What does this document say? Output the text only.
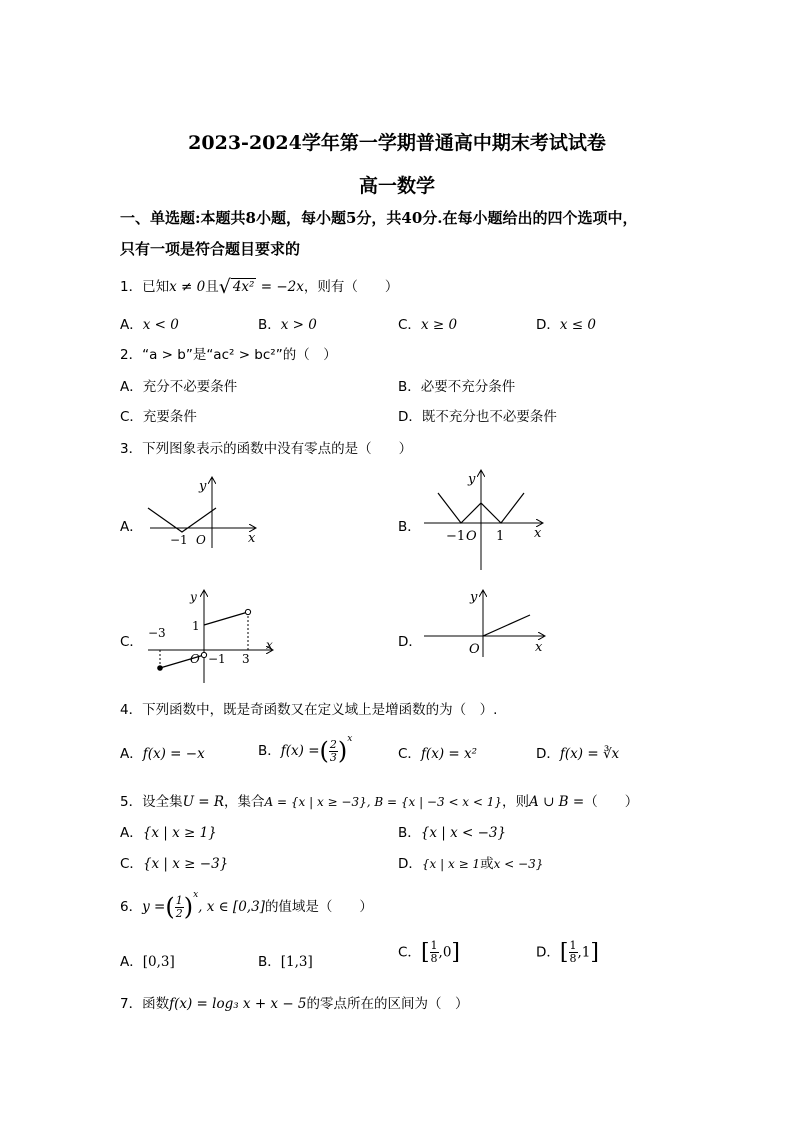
2023-2024学年第一学期普通高中期末考试试卷
高一数学
一、单选题:本题共8小题，每小题5分，共40分.在每小题给出的四个选项中，
只有一项是符合题目要求的
1．已知x ≠ 0且√ 4x² = −2x，则有（　　）
A．x < 0	B．x > 0	C．x ≥ 0	D．x ≤ 0
2．“a > b”是“ac² > bc²”的（　）
A．充分不必要条件	B．必要不充分条件
C．充要条件	D．既不充分也不必要条件
3．下列图象表示的函数中没有零点的是（　　）
A．	B．
C．	D．
y
x
O
−1
y
x
O
−1 1
y
x
O
−3 1
3
−1
y
x
O
4．下列函数中，既是奇函数又在定义域上是增函数的为（　）.
A．f(x) = −x	B．f(x) =( $\frac{2}{3} )^x$
C．f(x) = x²	D．f(x) = ∛x
5．设全集U = R，集合A = {x | x ≥ −3}, B = {x | −3 < x < 1}，则A ∪ B =（　　）
A．{x | x ≥ 1}	B．{x | x < −3}
C．{x | x ≥ −3}	D．{x | x ≥ 1或x < −3}
6．y =( $\frac{1}{2} )^x$, x ∈ [0,3]的值域是（　　）
A．[0,3]	B．[1,3]
C．[ $\frac{1}{8} ,0$]	D．[ $\frac{1}{8} ,1$]
7．函数f(x) = log₃ x + x − 5的零点所在的区间为（　）
